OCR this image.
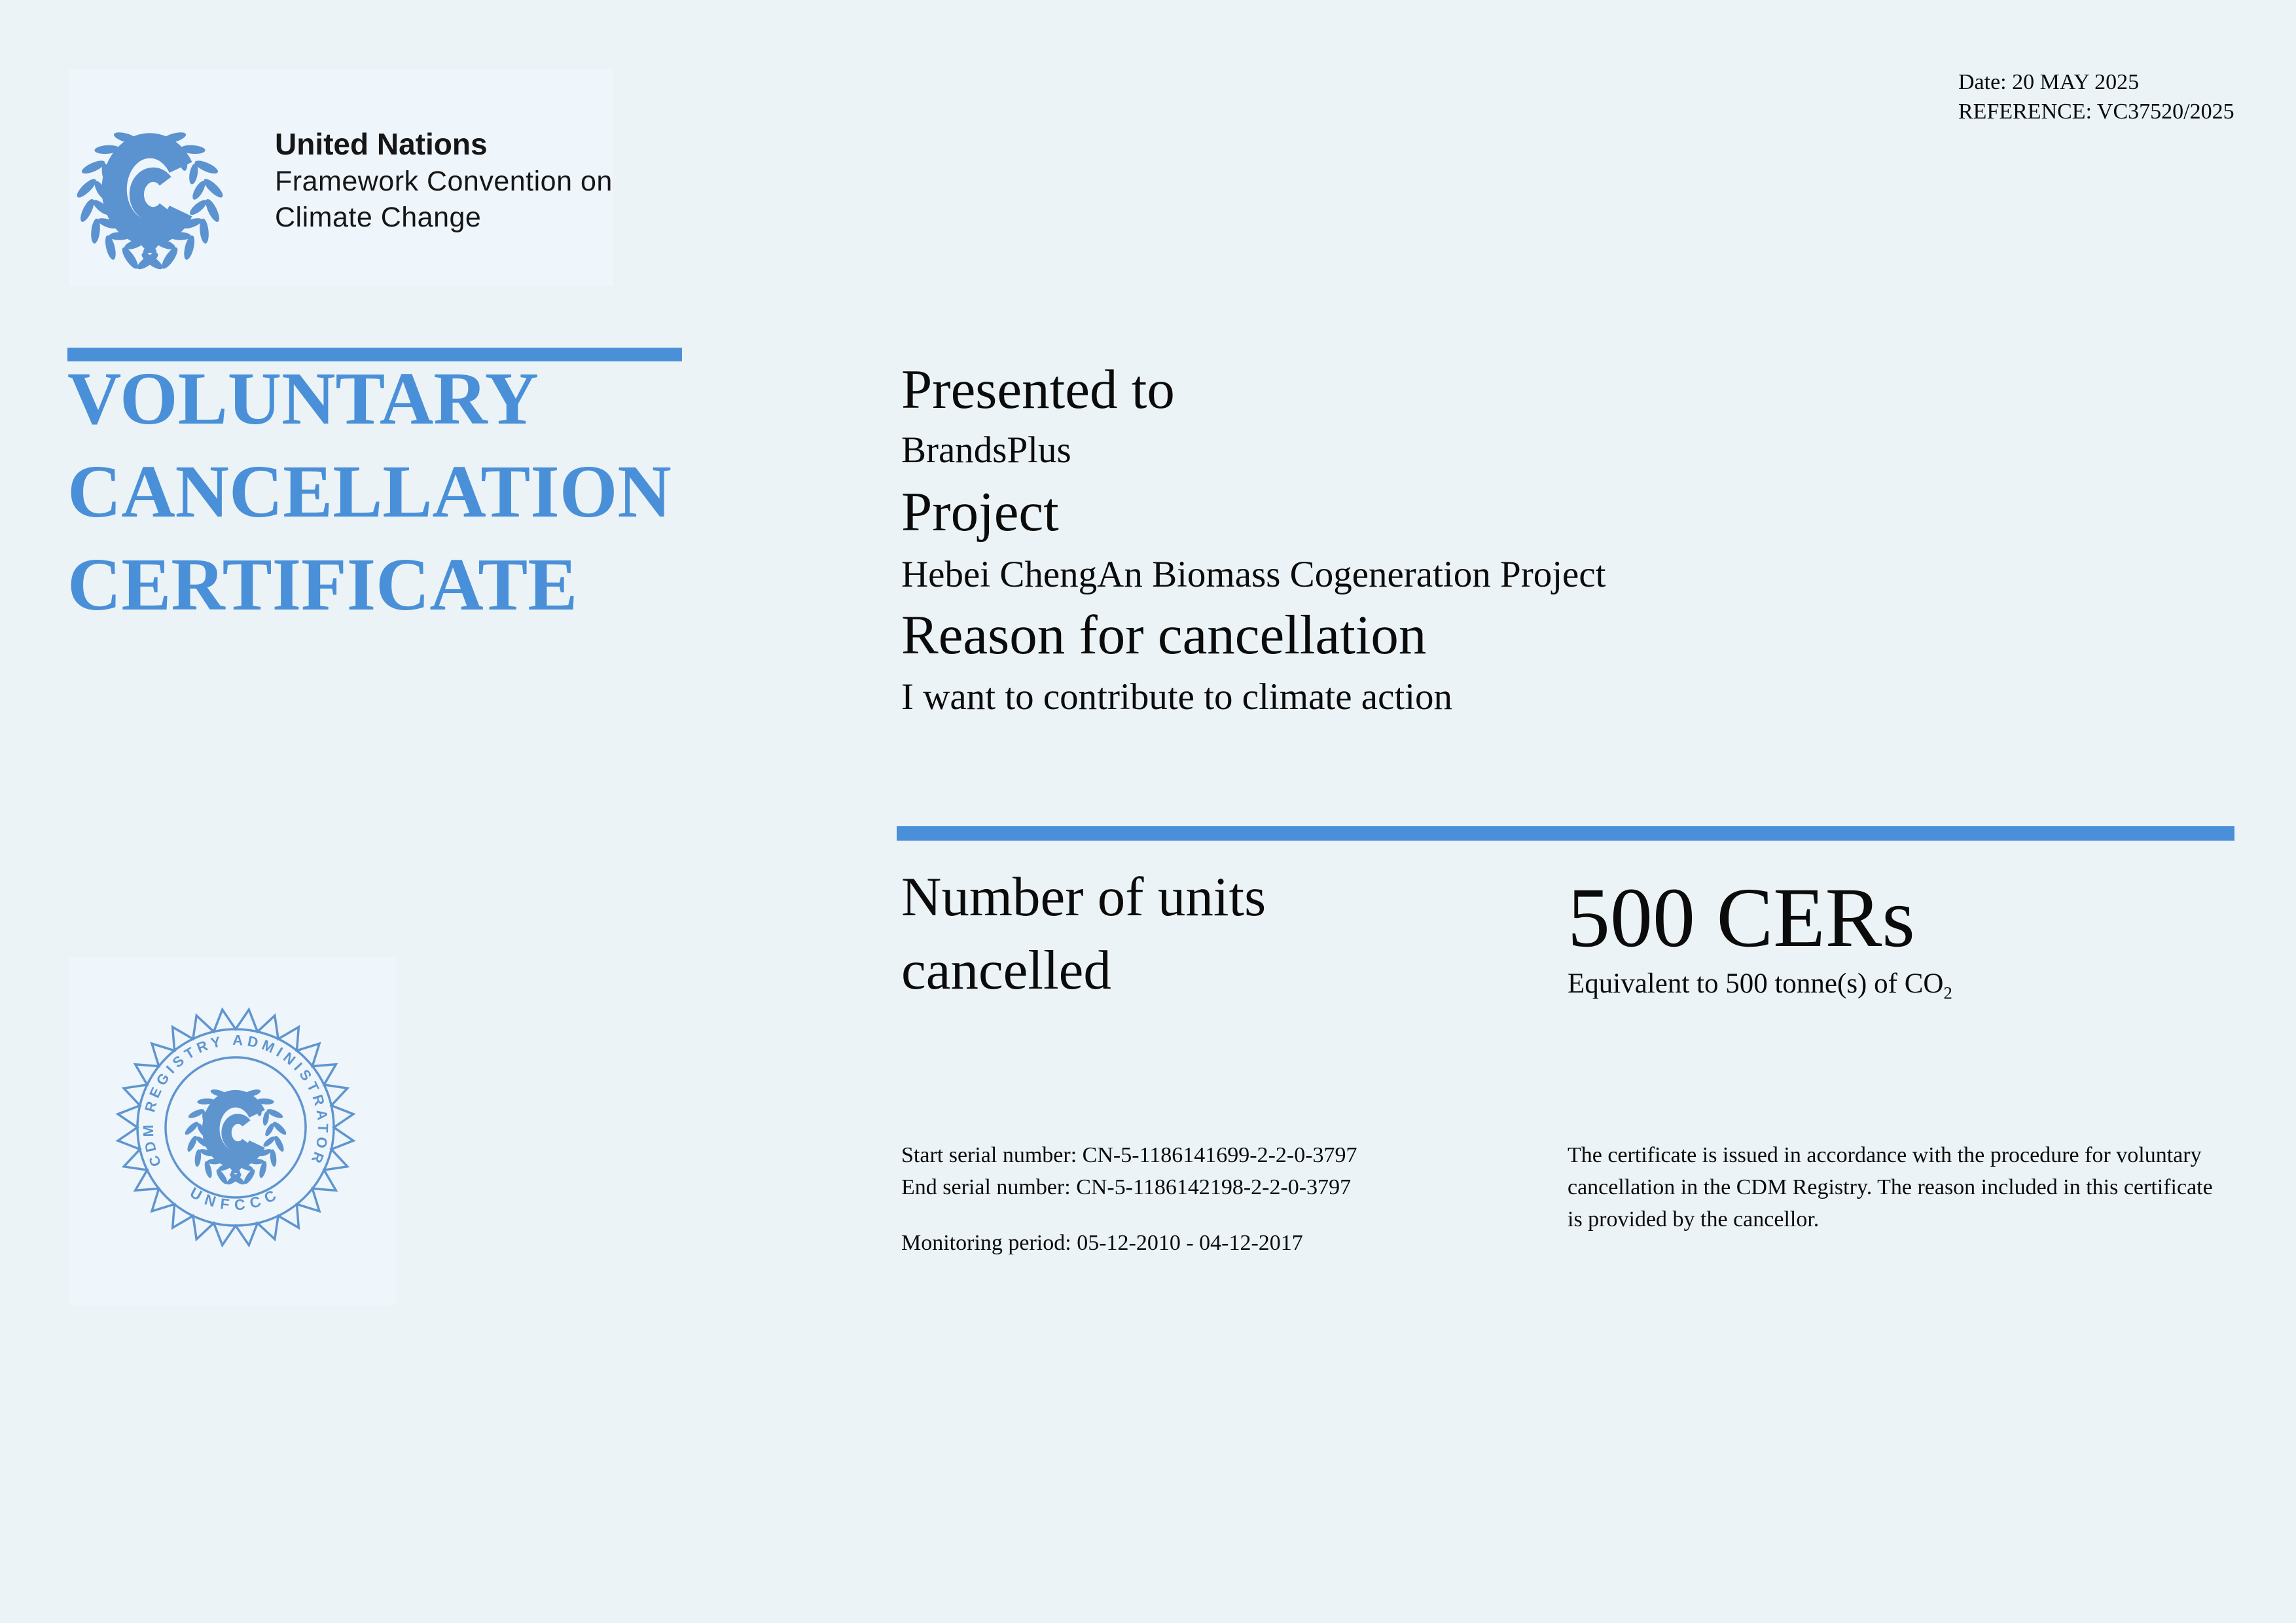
United Nations
Framework Convention on
Climate Change
Date: 20 MAY 2025
REFERENCE: VC37520/2025
VOLUNTARY
CANCELLATION
CERTIFICATE
Presented to
BrandsPlus
Project
Hebei ChengAn Biomass Cogeneration Project
Reason for cancellation
I want to contribute to climate action
Number of units cancelled
500 CERs
Equivalent to 500 tonne(s) of $CO_2$
Start serial number: CN-5-1186141699-2-2-0-3797
End serial number: CN-5-1186142198-2-2-0-3797
Monitoring period: 05-12-2010 - 04-12-2017
The certificate is issued in accordance with the procedure for voluntary cancellation in the CDM Registry. The reason included in this certificate is provided by the cancellor.
CDM REGISTRY ADMINISTRATOR
UNFCCC
